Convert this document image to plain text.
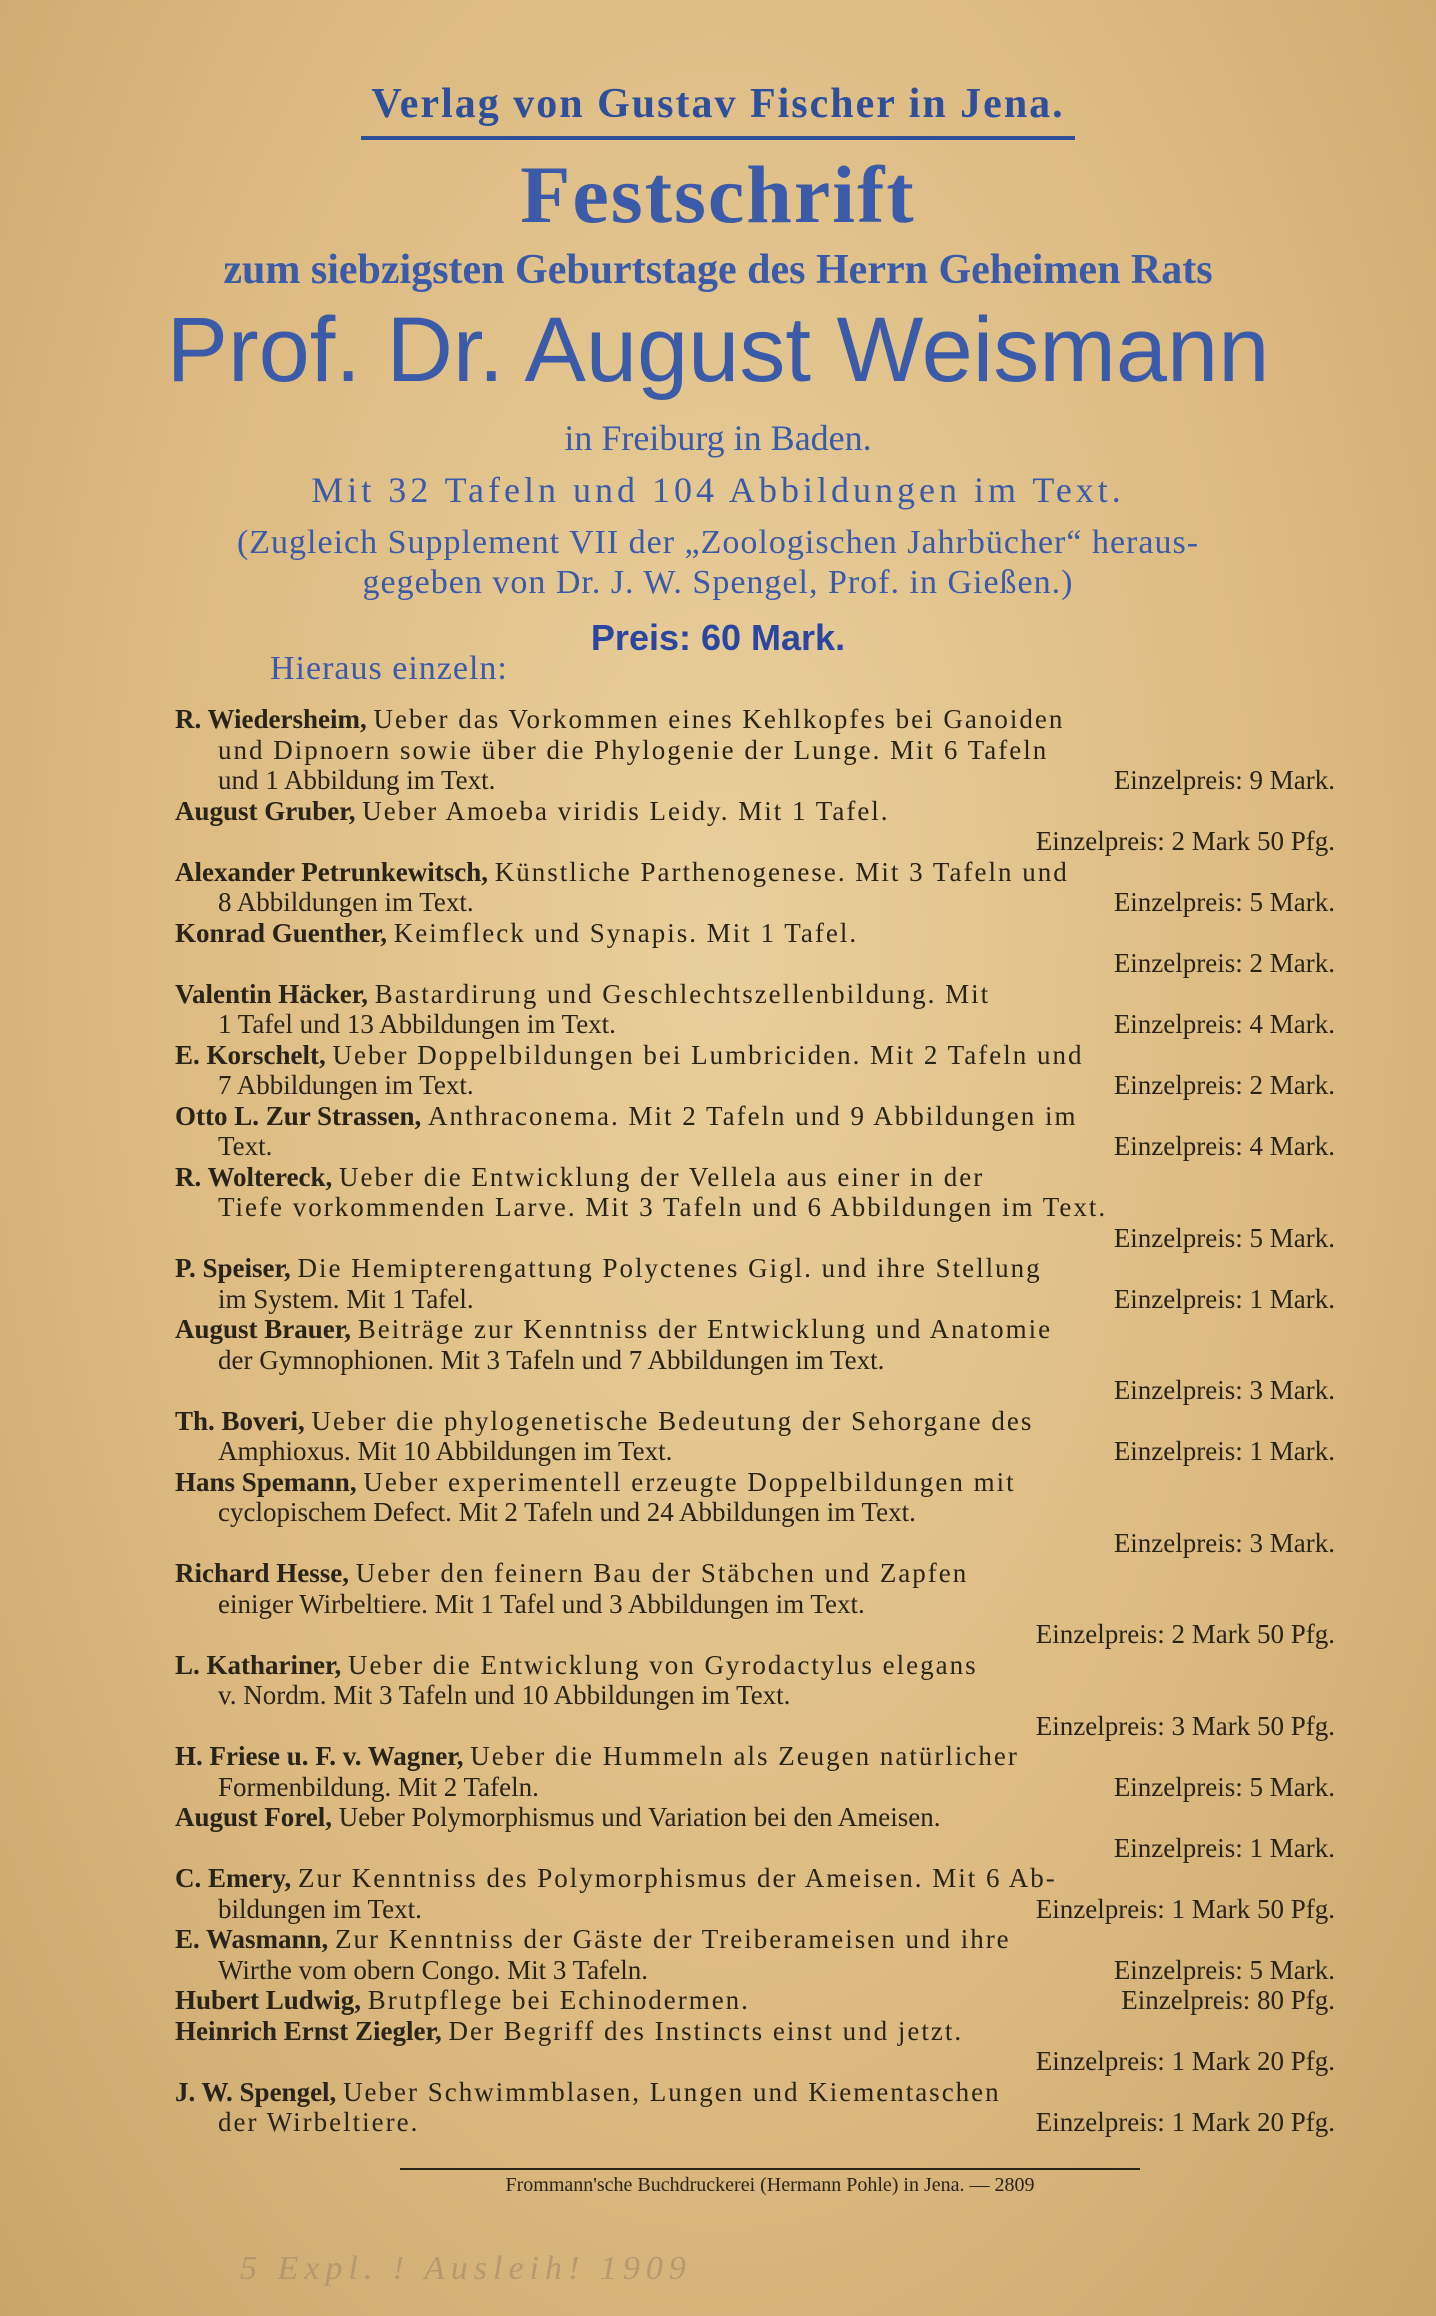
Verlag von Gustav Fischer in Jena.
Festschrift
zum siebzigsten Geburtstage des Herrn Geheimen Rats
Prof. Dr. August Weismann
in Freiburg in Baden.
Mit 32 Tafeln und 104 Abbildungen im Text.
(Zugleich Supplement VII der „Zoologischen Jahrbücher“ heraus-
gegeben von Dr. J. W. Spengel, Prof. in Gießen.)
Preis: 60 Mark.
Hieraus einzeln:
R. Wiedersheim, Ueber das Vorkommen eines Kehlkopfes bei Ganoiden
und Dipnoern sowie über die Phylogenie der Lunge. Mit 6 Tafeln
und 1 Abbildung im Text.	Einzelpreis: 9 Mark.
August Gruber, Ueber Amoeba viridis Leidy. Mit 1 Tafel.
Einzelpreis: 2 Mark 50 Pfg.
Alexander Petrunkewitsch, Künstliche Parthenogenese. Mit 3 Tafeln und
8 Abbildungen im Text.	Einzelpreis: 5 Mark.
Konrad Guenther, Keimfleck und Synapis. Mit 1 Tafel.
Einzelpreis: 2 Mark.
Valentin Häcker, Bastardirung und Geschlechtszellenbildung. Mit
1 Tafel und 13 Abbildungen im Text.	Einzelpreis: 4 Mark.
E. Korschelt, Ueber Doppelbildungen bei Lumbriciden. Mit 2 Tafeln und
7 Abbildungen im Text.	Einzelpreis: 2 Mark.
Otto L. Zur Strassen, Anthraconema. Mit 2 Tafeln und 9 Abbildungen im
Text.	Einzelpreis: 4 Mark.
R. Woltereck, Ueber die Entwicklung der Vellela aus einer in der
Tiefe vorkommenden Larve. Mit 3 Tafeln und 6 Abbildungen im Text.
Einzelpreis: 5 Mark.
P. Speiser, Die Hemipterengattung Polyctenes Gigl. und ihre Stellung
im System. Mit 1 Tafel.	Einzelpreis: 1 Mark.
August Brauer, Beiträge zur Kenntniss der Entwicklung und Anatomie
der Gymnophionen. Mit 3 Tafeln und 7 Abbildungen im Text.
Einzelpreis: 3 Mark.
Th. Boveri, Ueber die phylogenetische Bedeutung der Sehorgane des
Amphioxus. Mit 10 Abbildungen im Text.	Einzelpreis: 1 Mark.
Hans Spemann, Ueber experimentell erzeugte Doppelbildungen mit
cyclopischem Defect. Mit 2 Tafeln und 24 Abbildungen im Text.
Einzelpreis: 3 Mark.
Richard Hesse, Ueber den feinern Bau der Stäbchen und Zapfen
einiger Wirbeltiere. Mit 1 Tafel und 3 Abbildungen im Text.
Einzelpreis: 2 Mark 50 Pfg.
L. Kathariner, Ueber die Entwicklung von Gyrodactylus elegans
v. Nordm. Mit 3 Tafeln und 10 Abbildungen im Text.
Einzelpreis: 3 Mark 50 Pfg.
H. Friese u. F. v. Wagner, Ueber die Hummeln als Zeugen natürlicher
Formenbildung. Mit 2 Tafeln.	Einzelpreis: 5 Mark.
August Forel, Ueber Polymorphismus und Variation bei den Ameisen.
Einzelpreis: 1 Mark.
C. Emery, Zur Kenntniss des Polymorphismus der Ameisen. Mit 6 Ab-
bildungen im Text.	Einzelpreis: 1 Mark 50 Pfg.
E. Wasmann, Zur Kenntniss der Gäste der Treiberameisen und ihre
Wirthe vom obern Congo. Mit 3 Tafeln.	Einzelpreis: 5 Mark.
Hubert Ludwig, Brutpflege bei Echinodermen.	Einzelpreis: 80 Pfg.
Heinrich Ernst Ziegler, Der Begriff des Instincts einst und jetzt.
Einzelpreis: 1 Mark 20 Pfg.
J. W. Spengel, Ueber Schwimmblasen, Lungen und Kiementaschen
der Wirbeltiere.	Einzelpreis: 1 Mark 20 Pfg.
Frommann'sche Buchdruckerei (Hermann Pohle) in Jena. — 2809
5 Expl. ! Ausleih! 1909
